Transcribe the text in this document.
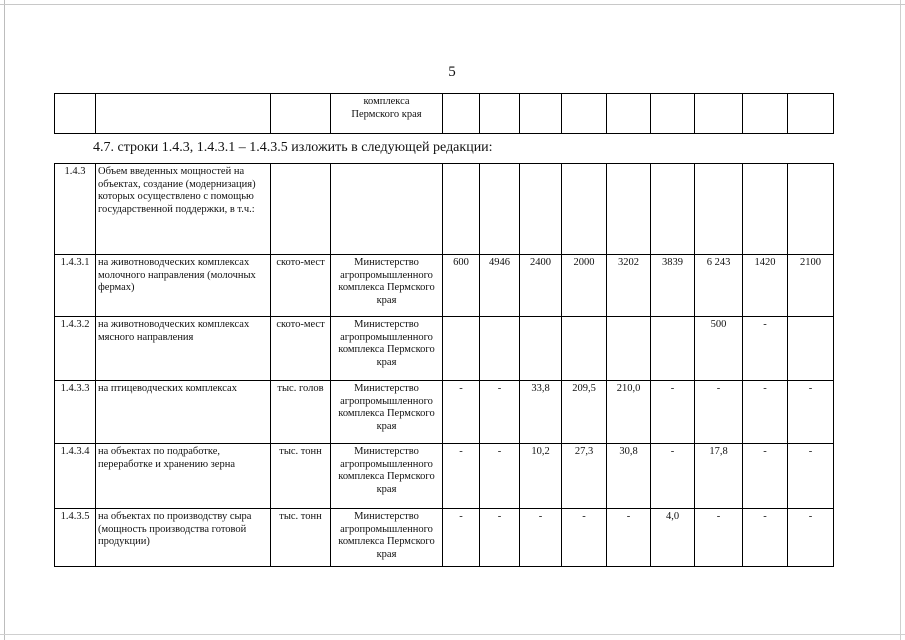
5
			комплекса
Пермского края									
4.7. строки 1.4.3, 1.4.3.1 – 1.4.3.5 изложить в следующей редакции:
1.4.3	Объем введенных мощностей на объектах, создание (модернизация) которых осуществлено с помощью государственной поддержки, в т.ч.:											
1.4.3.1	на животноводческих комплексах молочного направления (молочных фермах)	ското-мест	Министерство агропромышленного комплекса Пермского края	600	4946	2400	2000	3202	3839	6 243	1420	2100
1.4.3.2	на животноводческих комплексах мясного направления	ското-мест	Министерство агропромышленного комплекса Пермского края							500	-	
1.4.3.3	на птицеводческих комплексах	тыс. голов	Министерство агропромышленного комплекса Пермского края	-	-	33,8	209,5	210,0	-	-	-	-
1.4.3.4	на объектах по подработке, переработке и хранению зерна	тыс. тонн	Министерство агропромышленного комплекса Пермского края	-	-	10,2	27,3	30,8	-	17,8	-	-
1.4.3.5	на объектах по производству сыра (мощность производства готовой продукции)	тыс. тонн	Министерство агропромышленного комплекса Пермского края	-	-	-	-	-	4,0	-	-	-
